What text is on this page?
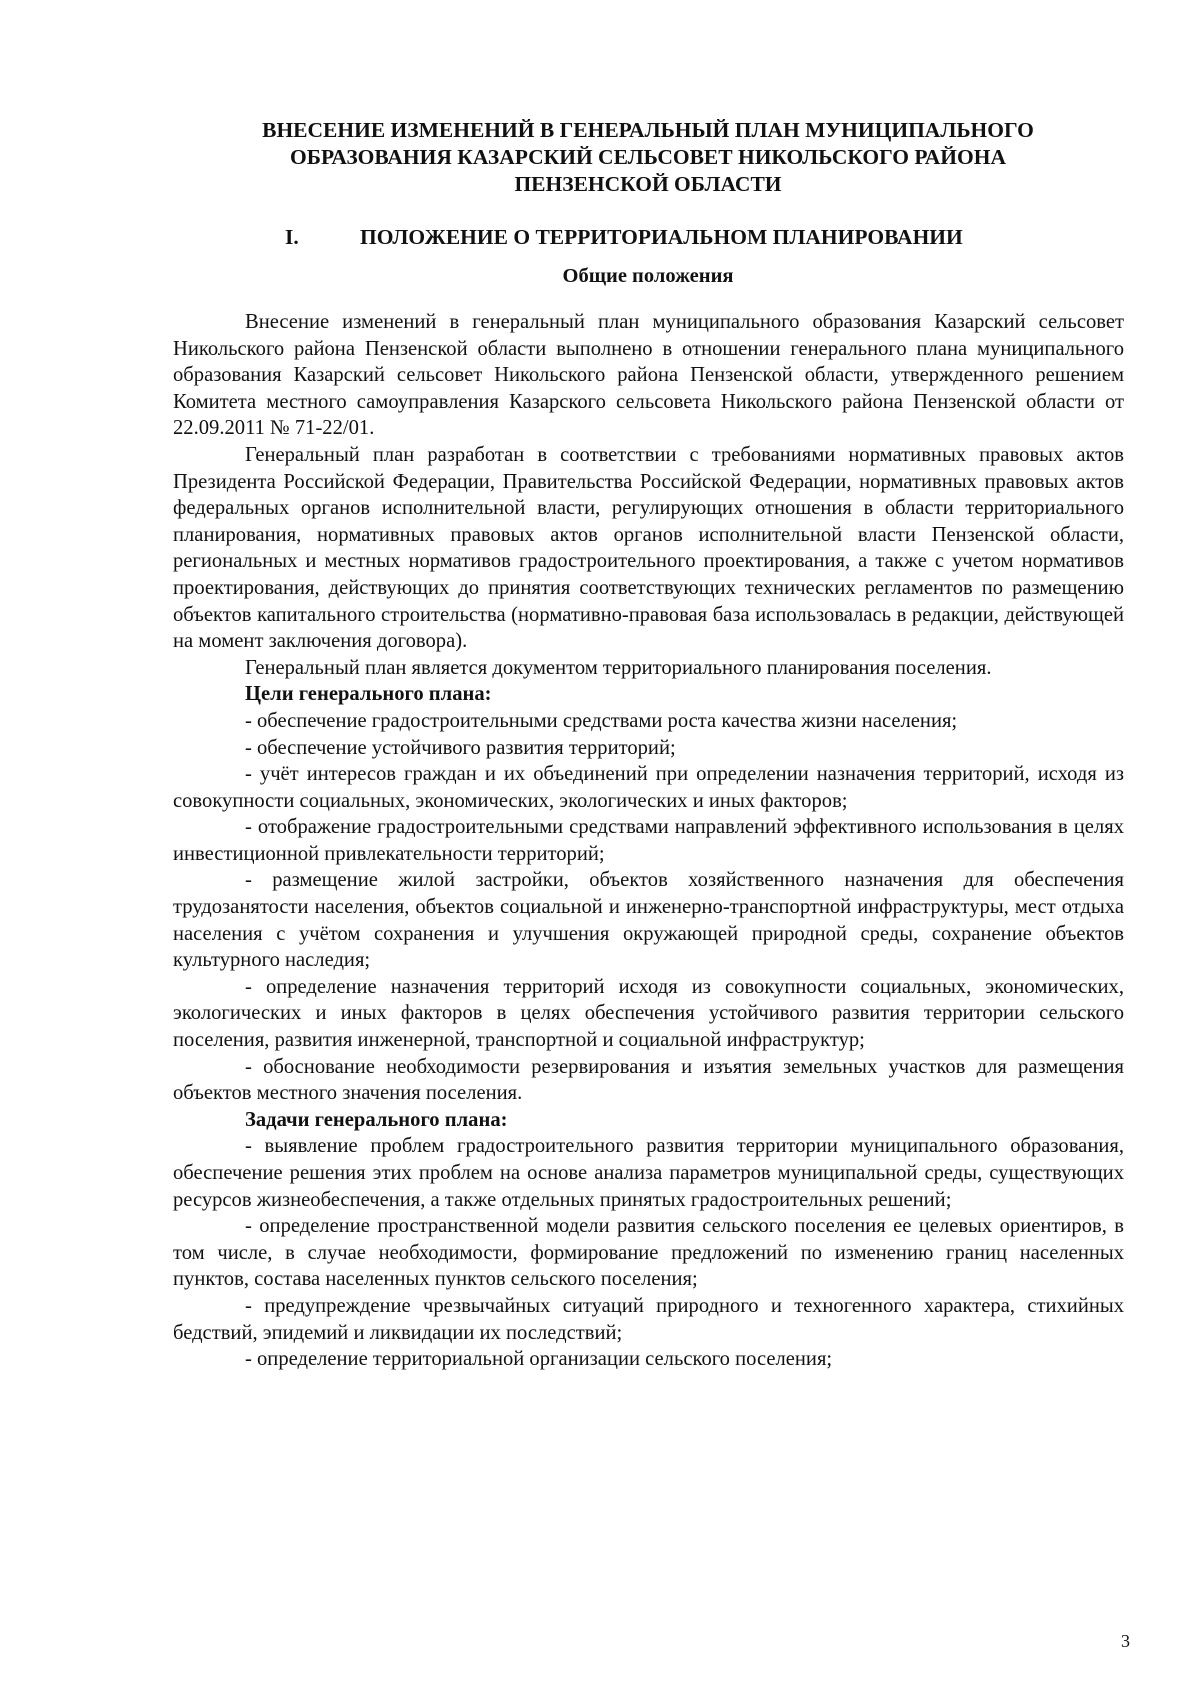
ВНЕСЕНИЕ ИЗМЕНЕНИЙ В ГЕНЕРАЛЬНЫЙ ПЛАН МУНИЦИПАЛЬНОГО
ОБРАЗОВАНИЯ КАЗАРСКИЙ СЕЛЬСОВЕТ НИКОЛЬСКОГО РАЙОНА
ПЕНЗЕНСКОЙ ОБЛАСТИ
I.	ПОЛОЖЕНИЕ О ТЕРРИТОРИАЛЬНОМ ПЛАНИРОВАНИИ
Общие положения

Внесение изменений в генеральный план муниципального образования Казарский сельсовет Никольского района Пензенской области выполнено в отношении генерального плана муниципального образования Казарский сельсовет Никольского района Пензенской области, утвержденного решением Комитета местного самоуправления Казарского сельсовета Никольского района Пензенской области от 22.09.2011 № 71-22/01.

Генеральный план разработан в соответствии с требованиями нормативных правовых актов Президента Российской Федерации, Правительства Российской Федерации, нормативных правовых актов федеральных органов исполнительной власти, регулирующих отношения в области территориального планирования, нормативных правовых актов органов исполнительной власти Пензенской области, региональных и местных нормативов градостроительного проектирования, а также с учетом нормативов проектирования, действующих до принятия соответствующих технических регламентов по размещению объектов капитального строительства (нормативно-правовая база использовалась в редакции, действующей на момент заключения договора).

Генеральный план является документом территориального планирования поселения.

Цели генерального плана:

- обеспечение градостроительными средствами роста качества жизни населения;

- обеспечение устойчивого развития территорий;

- учёт интересов граждан и их объединений при определении назначения территорий, исходя из совокупности социальных, экономических, экологических и иных факторов;

- отображение градостроительными средствами направлений эффективного использования в целях инвестиционной привлекательности территорий;

- размещение жилой застройки, объектов хозяйственного назначения для обеспечения трудозанятости населения, объектов социальной и инженерно-транспортной инфраструктуры, мест отдыха населения с учётом сохранения и улучшения окружающей природной среды, сохранение объектов культурного наследия;

- определение назначения территорий исходя из совокупности социальных, экономических, экологических и иных факторов в целях обеспечения устойчивого развития территории сельского поселения, развития инженерной, транспортной и социальной инфраструктур;

- обоснование необходимости резервирования и изъятия земельных участков для размещения объектов местного значения поселения.

Задачи генерального плана:

- выявление проблем градостроительного развития территории муниципального образования, обеспечение решения этих проблем на основе анализа параметров муниципальной среды, существующих ресурсов жизнеобеспечения, а также отдельных принятых градостроительных решений;

- определение пространственной модели развития сельского поселения ее целевых ориентиров, в том числе, в случае необходимости, формирование предложений по изменению границ населенных пунктов, состава населенных пунктов сельского поселения;

- предупреждение чрезвычайных ситуаций природного и техногенного характера, стихийных бедствий, эпидемий и ликвидации их последствий;

- определение территориальной организации сельского поселения;

3
